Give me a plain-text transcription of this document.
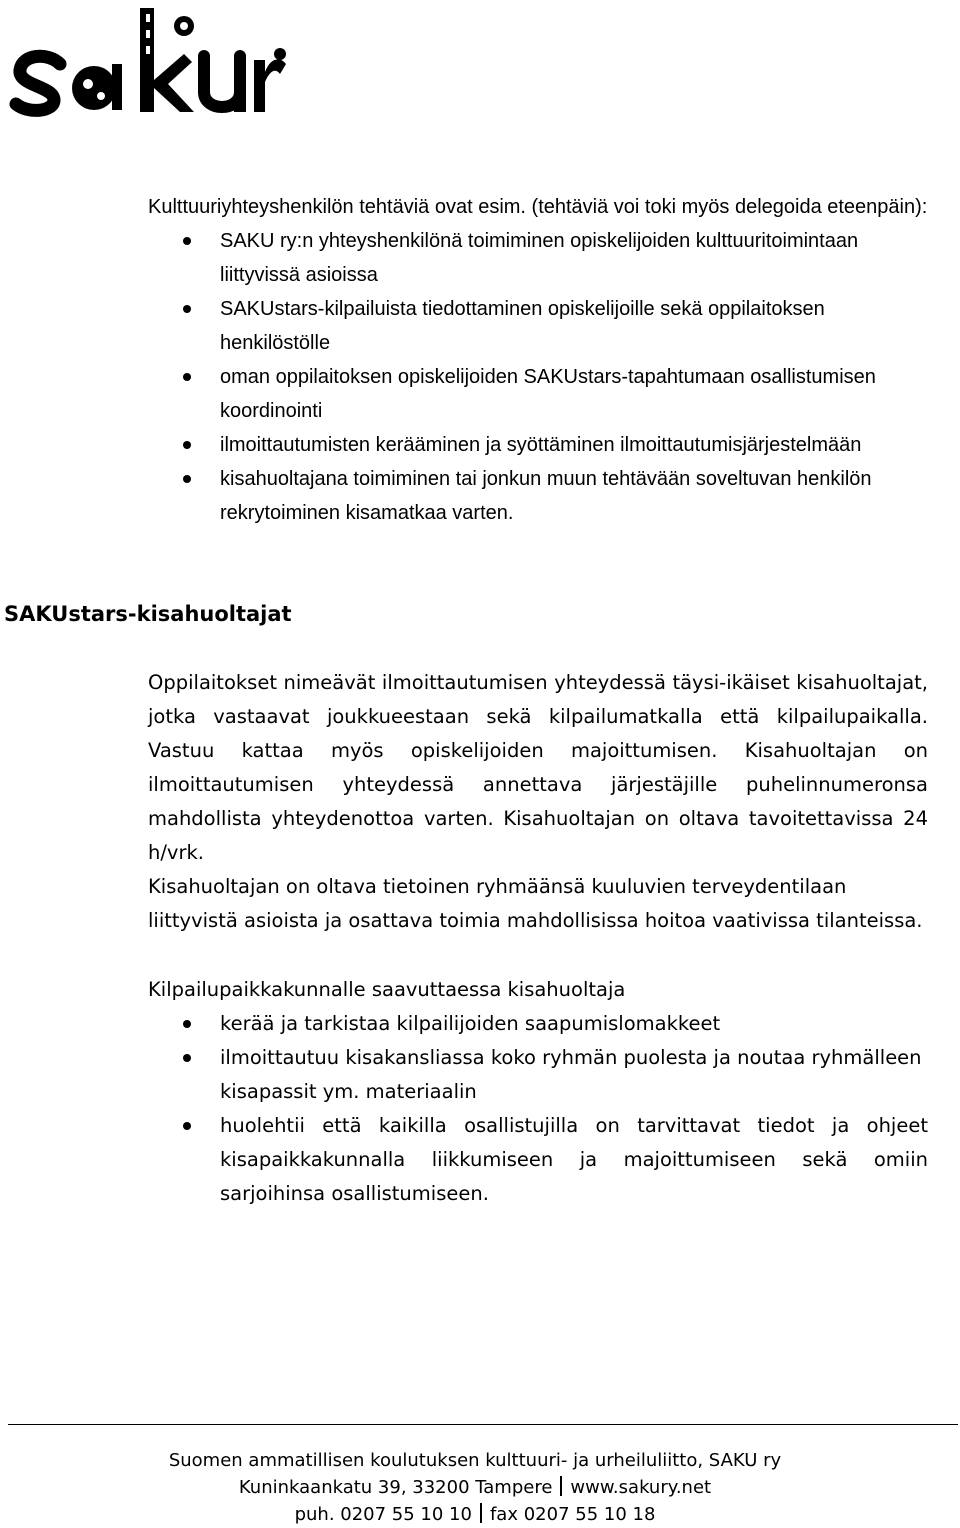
Kulttuuriyhteyshenkilön tehtäviä ovat esim. (tehtäviä voi toki myös delegoida eteenpäin):

SAKU ry:n yhteyshenkilönä toimiminen opiskelijoiden kulttuuritoimintaan liittyvissä asioissa
SAKUstars-kilpailuista tiedottaminen opiskelijoille sekä oppilaitoksen henkilöstölle
oman oppilaitoksen opiskelijoiden SAKUstars-tapahtumaan osallistumisen koordinointi
ilmoittautumisten kerääminen ja syöttäminen ilmoittautumisjärjestelmään
kisahuoltajana toimiminen tai jonkun muun tehtävään soveltuvan henkilön rekrytoiminen kisamatkaa varten.
SAKUstars-kisahuoltajat

Oppilaitokset nimeävät ilmoittautumisen yhteydessä täysi-ikäiset kisahuoltajat, jotka vastaavat joukkueestaan sekä kilpailumatkalla että kilpailupaikalla. Vastuu kattaa myös opiskelijoiden majoittumisen. Kisahuoltajan on ilmoittautumisen yhteydessä annettava järjestäjille puhelinnumeronsa mahdollista yhteydenottoa varten. Kisahuoltajan on oltava tavoitettavissa 24 h/vrk.

Kisahuoltajan on oltava tietoinen ryhmäänsä kuuluvien terveydentilaan liittyvistä asioista ja osattava toimia mahdollisissa hoitoa vaativissa tilanteissa.

Kilpailupaikkakunnalle saavuttaessa kisahuoltaja

kerää ja tarkistaa kilpailijoiden saapumislomakkeet
ilmoittautuu kisakansliassa koko ryhmän puolesta ja noutaa ryhmälleen kisapassit ym. materiaalin
huolehtii että kaikilla osallistujilla on tarvittavat tiedot ja ohjeet kisapaikkakunnalla liikkumiseen ja majoittumiseen sekä omiin sarjoihinsa osallistumiseen.
Suomen ammatillisen koulutuksen kulttuuri- ja urheiluliitto, SAKU ry
Kuninkaankatu 39, 33200 Tampere www.sakury.net
puh. 0207 55 10 10 fax 0207 55 10 18
